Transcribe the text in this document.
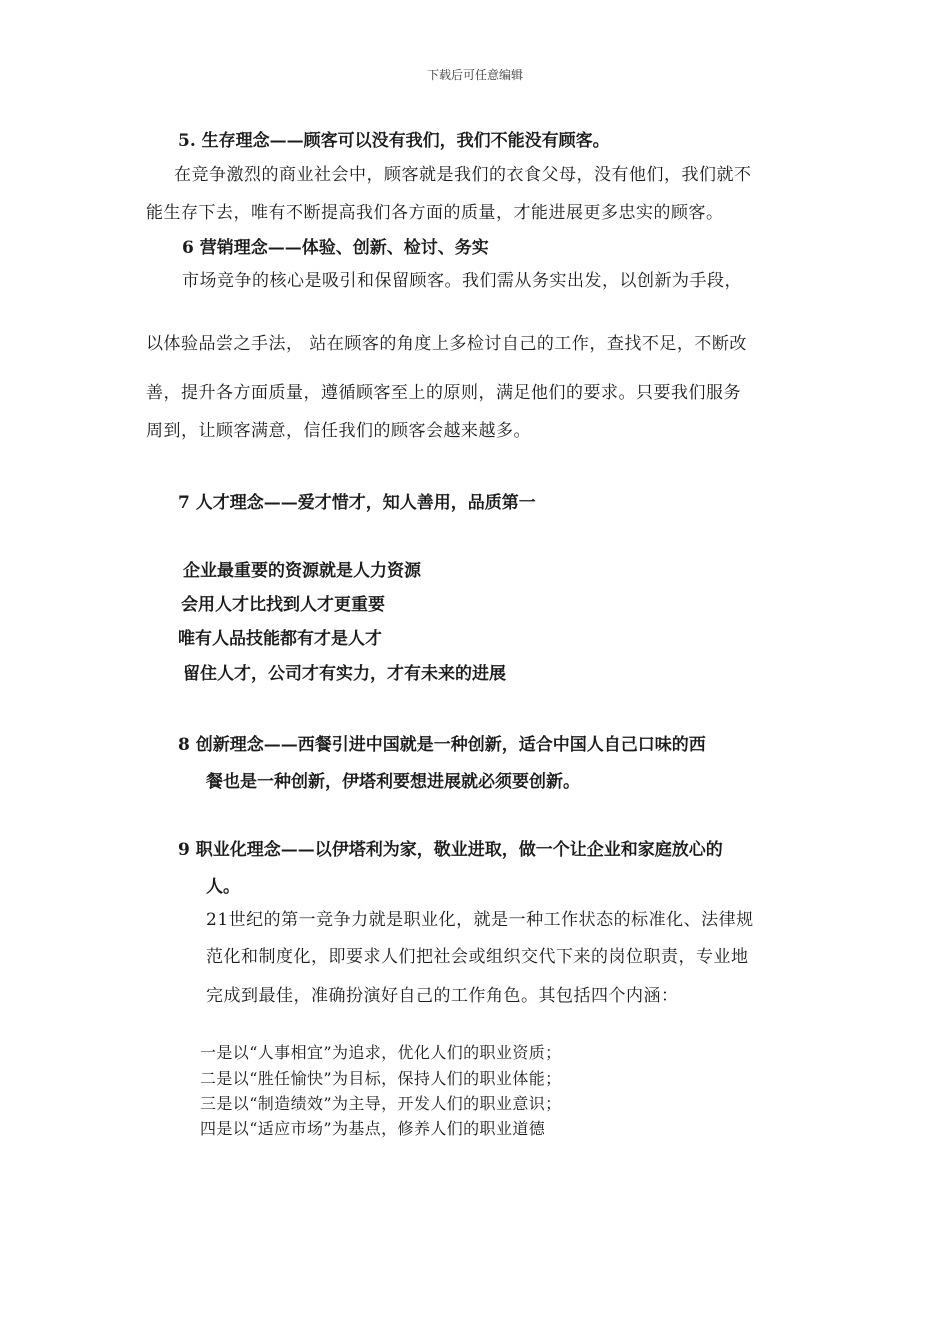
下载后可任意编辑
5. 生存理念——顾客可以没有我们，我们不能没有顾客。
在竞争激烈的商业社会中，顾客就是我们的衣食父母，没有他们，我们就不
能生存下去，唯有不断提高我们各方面的质量，才能进展更多忠实的顾客。
6 营销理念——体验、创新、检讨、务实
市场竞争的核心是吸引和保留顾客。我们需从务实出发，以创新为手段，
以体验品尝之手法， 站在顾客的角度上多检讨自己的工作，查找不足，不断改
善，提升各方面质量，遵循顾客至上的原则，满足他们的要求。只要我们服务
周到，让顾客满意，信任我们的顾客会越来越多。
7 人才理念——爱才惜才，知人善用，品质第一
企业最重要的资源就是人力资源
会用人才比找到人才更重要
唯有人品技能都有才是人才
留住人才，公司才有实力，才有未来的进展
8 创新理念——西餐引进中国就是一种创新，适合中国人自己口味的西
餐也是一种创新，伊塔利要想进展就必须要创新。
9 职业化理念——以伊塔利为家，敬业进取，做一个让企业和家庭放心的
人。
21世纪的第一竞争力就是职业化，就是一种工作状态的标准化、法律规
范化和制度化，即要求人们把社会或组织交代下来的岗位职责，专业地
完成到最佳，准确扮演好自己的工作角色。其包括四个内涵：
一是以“人事相宜”为追求，优化人们的职业资质；
二是以“胜任愉快”为目标，保持人们的职业体能；
三是以“制造绩效”为主导，开发人们的职业意识；
四是以“适应市场”为基点，修养人们的职业道德
